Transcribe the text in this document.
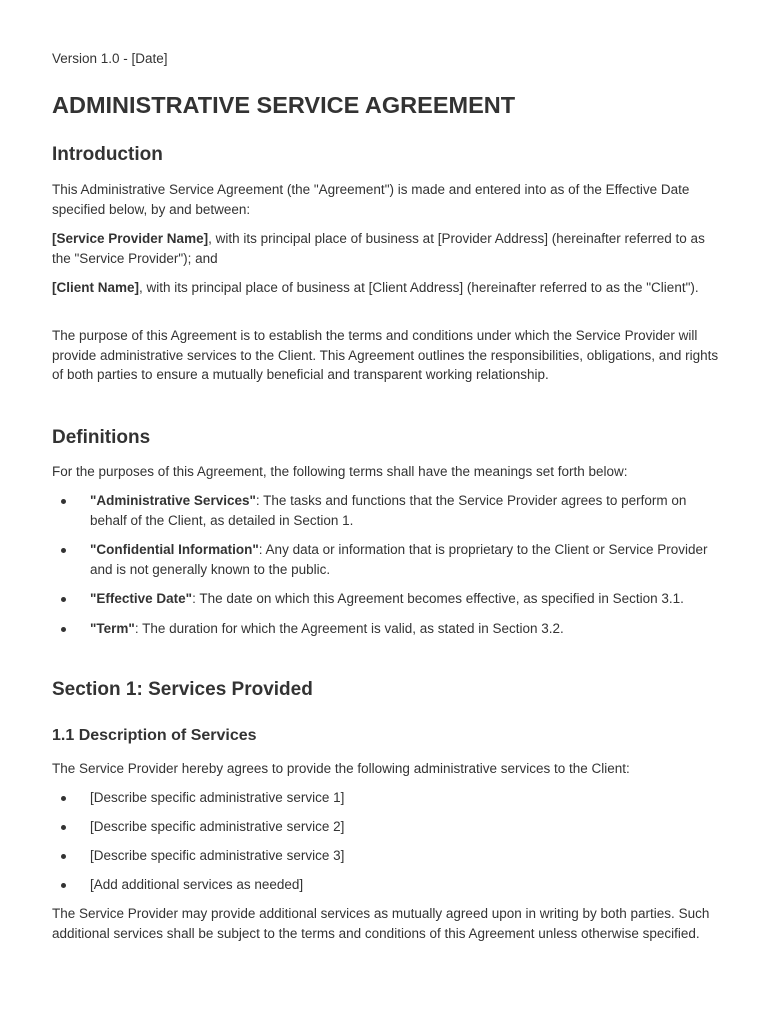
Version 1.0 - [Date]
ADMINISTRATIVE SERVICE AGREEMENT
Introduction

This Administrative Service Agreement (the "Agreement") is made and entered into as of the Effective Date specified below, by and between:

[Service Provider Name], with its principal place of business at [Provider Address] (hereinafter referred to as the "Service Provider"); and

[Client Name], with its principal place of business at [Client Address] (hereinafter referred to as the "Client").

The purpose of this Agreement is to establish the terms and conditions under which the Service Provider will provide administrative services to the Client. This Agreement outlines the responsibilities, obligations, and rights of both parties to ensure a mutually beneficial and transparent working relationship.

Definitions

For the purposes of this Agreement, the following terms shall have the meanings set forth below:

"Administrative Services": The tasks and functions that the Service Provider agrees to perform on behalf of the Client, as detailed in Section 1.
"Confidential Information": Any data or information that is proprietary to the Client or Service Provider and is not generally known to the public.
"Effective Date": The date on which this Agreement becomes effective, as specified in Section 3.1.
"Term": The duration for which the Agreement is valid, as stated in Section 3.2.
Section 1: Services Provided
1.1 Description of Services

The Service Provider hereby agrees to provide the following administrative services to the Client:

[Describe specific administrative service 1]
[Describe specific administrative service 2]
[Describe specific administrative service 3]
[Add additional services as needed]

The Service Provider may provide additional services as mutually agreed upon in writing by both parties. Such additional services shall be subject to the terms and conditions of this Agreement unless otherwise specified.
